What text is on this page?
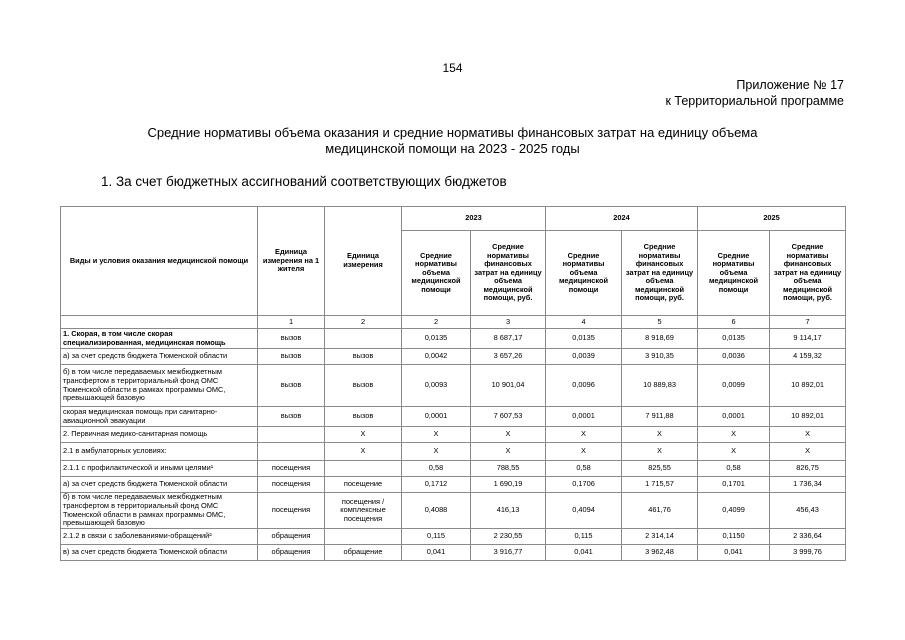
154
Приложение № 17
к Территориальной программе
Средние нормативы объема оказания и средние нормативы финансовых затрат на единицу объема
медицинской помощи на 2023 - 2025 годы
1. За счет бюджетных ассигнований соответствующих бюджетов
Виды и условия оказания медицинской помощи	Единица измерения на 1 жителя	Единица измерения	2023		2024		2025	
			Средние нормативы объема медицинской помощи	Средние нормативы финансовых затрат на единицу объема медицинской помощи, руб.	Средние нормативы объема медицинской помощи	Средние нормативы финансовых затрат на единицу объема медицинской помощи, руб.	Средние нормативы объема медицинской помощи	Средние нормативы финансовых затрат на единицу объема медицинской помощи, руб.
	1	2	2	3	4	5	6	7
1. Скорая, в том числе скорая специализированная, медицинская помощь	вызов		0,0135	8 687,17	0,0135	8 918,69	0,0135	9 114,17
а) за счет средств бюджета Тюменской области	вызов	вызов	0,0042	3 657,26	0,0039	3 910,35	0,0036	4 159,32
б) в том числе передаваемых межбюджетным трансфертом в территориальный фонд ОМС Тюменской области в рамках программы ОМС, превышающей базовую	вызов	вызов	0,0093	10 901,04	0,0096	10 889,83	0,0099	10 892,01
скорая медицинская помощь при санитарно-авиационной эвакуации	вызов	вызов	0,0001	7 607,53	0,0001	7 911,88	0,0001	10 892,01
2. Первичная медико-санитарная помощь		Х	Х	Х	Х	Х	Х	Х
2.1 в амбулаторных условиях:		Х	Х	Х	Х	Х	Х	Х
2.1.1 с профилактической и иными целями¹	посещения		0,58	788,55	0,58	825,55	0,58	826,75
а) за счет средств бюджета Тюменской области	посещения	посещение	0,1712	1 690,19	0,1706	1 715,57	0,1701	1 736,34
б) в том числе передаваемых межбюджетным трансфертом в территориальный фонд ОМС Тюменской области в рамках программы ОМС, превышающей базовую	посещения	посещения / комплексные посещения	0,4088	416,13	0,4094	461,76	0,4099	456,43
2.1.2 в связи с заболеваниями-обращений²	обращения		0,115	2 230,55	0,115	2 314,14	0,1150	2 336,64
в) за счет средств бюджета Тюменской области	обращения	обращение	0,041	3 916,77	0,041	3 962,48	0,041	3 999,76
